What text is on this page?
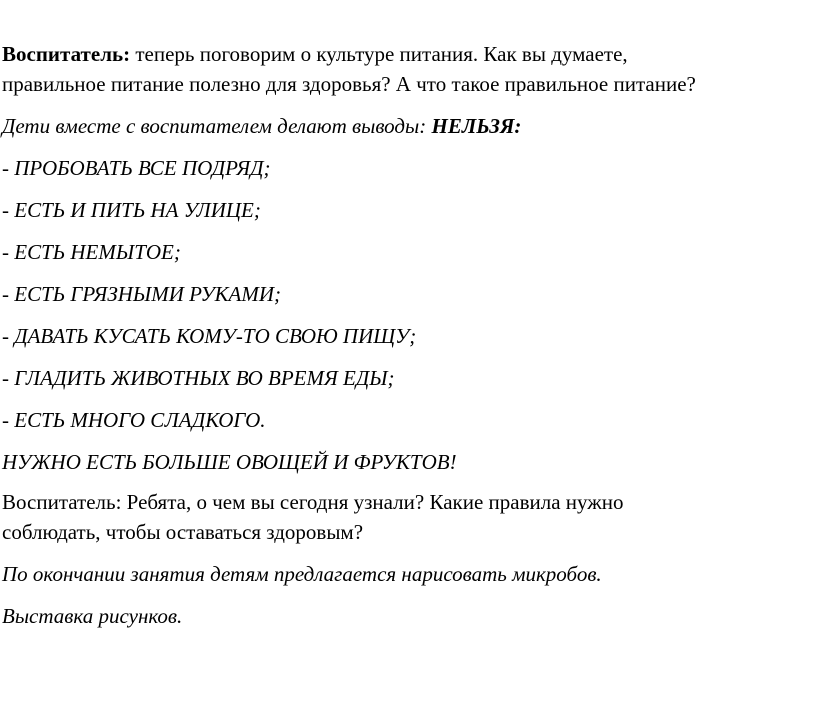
Воспитатель: теперь поговорим о культуре питания. Как вы думаете,

правильное питание полезно для здоровья? А что такое правильное питание?

Дети вместе с воспитателем делают выводы: НЕЛЬЗЯ:

- ПРОБОВАТЬ ВСЕ ПОДРЯД;

- ЕСТЬ И ПИТЬ НА УЛИЦЕ;

- ЕСТЬ НЕМЫТОЕ;

- ЕСТЬ ГРЯЗНЫМИ РУКАМИ;

- ДАВАТЬ КУСАТЬ КОМУ-ТО СВОЮ ПИЩУ;

- ГЛАДИТЬ ЖИВОТНЫХ ВО ВРЕМЯ ЕДЫ;

- ЕСТЬ МНОГО СЛАДКОГО.

НУЖНО ЕСТЬ БОЛЬШЕ ОВОЩЕЙ И ФРУКТОВ!

Воспитатель: Ребята, о чем вы сегодня узнали? Какие правила нужно

соблюдать, чтобы оставаться здоровым?

По окончании занятия детям предлагается нарисовать микробов.

Выставка рисунков.
